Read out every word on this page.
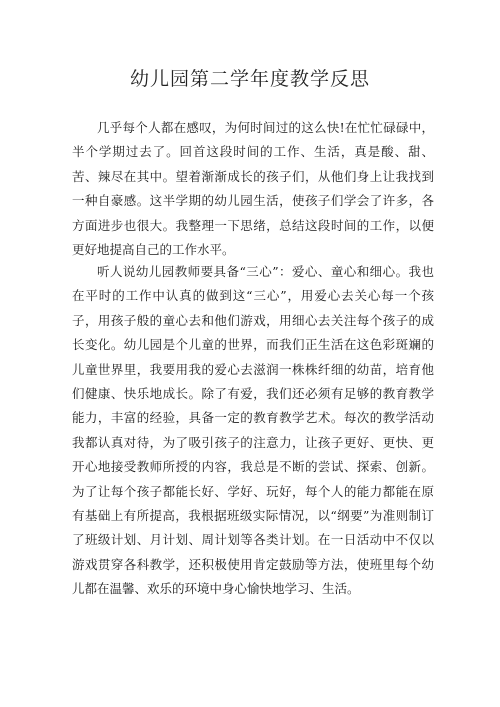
幼儿园第二学年度教学反思

几乎每个人都在感叹，为何时间过的这么快!在忙忙碌碌中，半个学期过去了。回首这段时间的工作、生活，真是酸、甜、苦、辣尽在其中。望着渐渐成长的孩子们，从他们身上让我找到一种自豪感。这半学期的幼儿园生活，使孩子们学会了许多，各方面进步也很大。我整理一下思绪，总结这段时间的工作，以便更好地提高自己的工作水平。

听人说幼儿园教师要具备“三心”：爱心、童心和细心。我也在平时的工作中认真的做到这“三心”，用爱心去关心每一个孩子，用孩子般的童心去和他们游戏，用细心去关注每个孩子的成长变化。幼儿园是个儿童的世界，而我们正生活在这色彩斑斓的儿童世界里，我要用我的爱心去滋润一株株纤细的幼苗，培育他们健康、快乐地成长。除了有爱，我们还必须有足够的教育教学能力，丰富的经验，具备一定的教育教学艺术。每次的教学活动我都认真对待，为了吸引孩子的注意力，让孩子更好、更快、更开心地接受教师所授的内容，我总是不断的尝试、探索、创新。为了让每个孩子都能长好、学好、玩好，每个人的能力都能在原有基础上有所提高，我根据班级实际情况，以“纲要”为准则制订了班级计划、月计划、周计划等各类计划。在一日活动中不仅以游戏贯穿各科教学，还积极使用肯定鼓励等方法，使班里每个幼儿都在温馨、欢乐的环境中身心愉快地学习、生活。
